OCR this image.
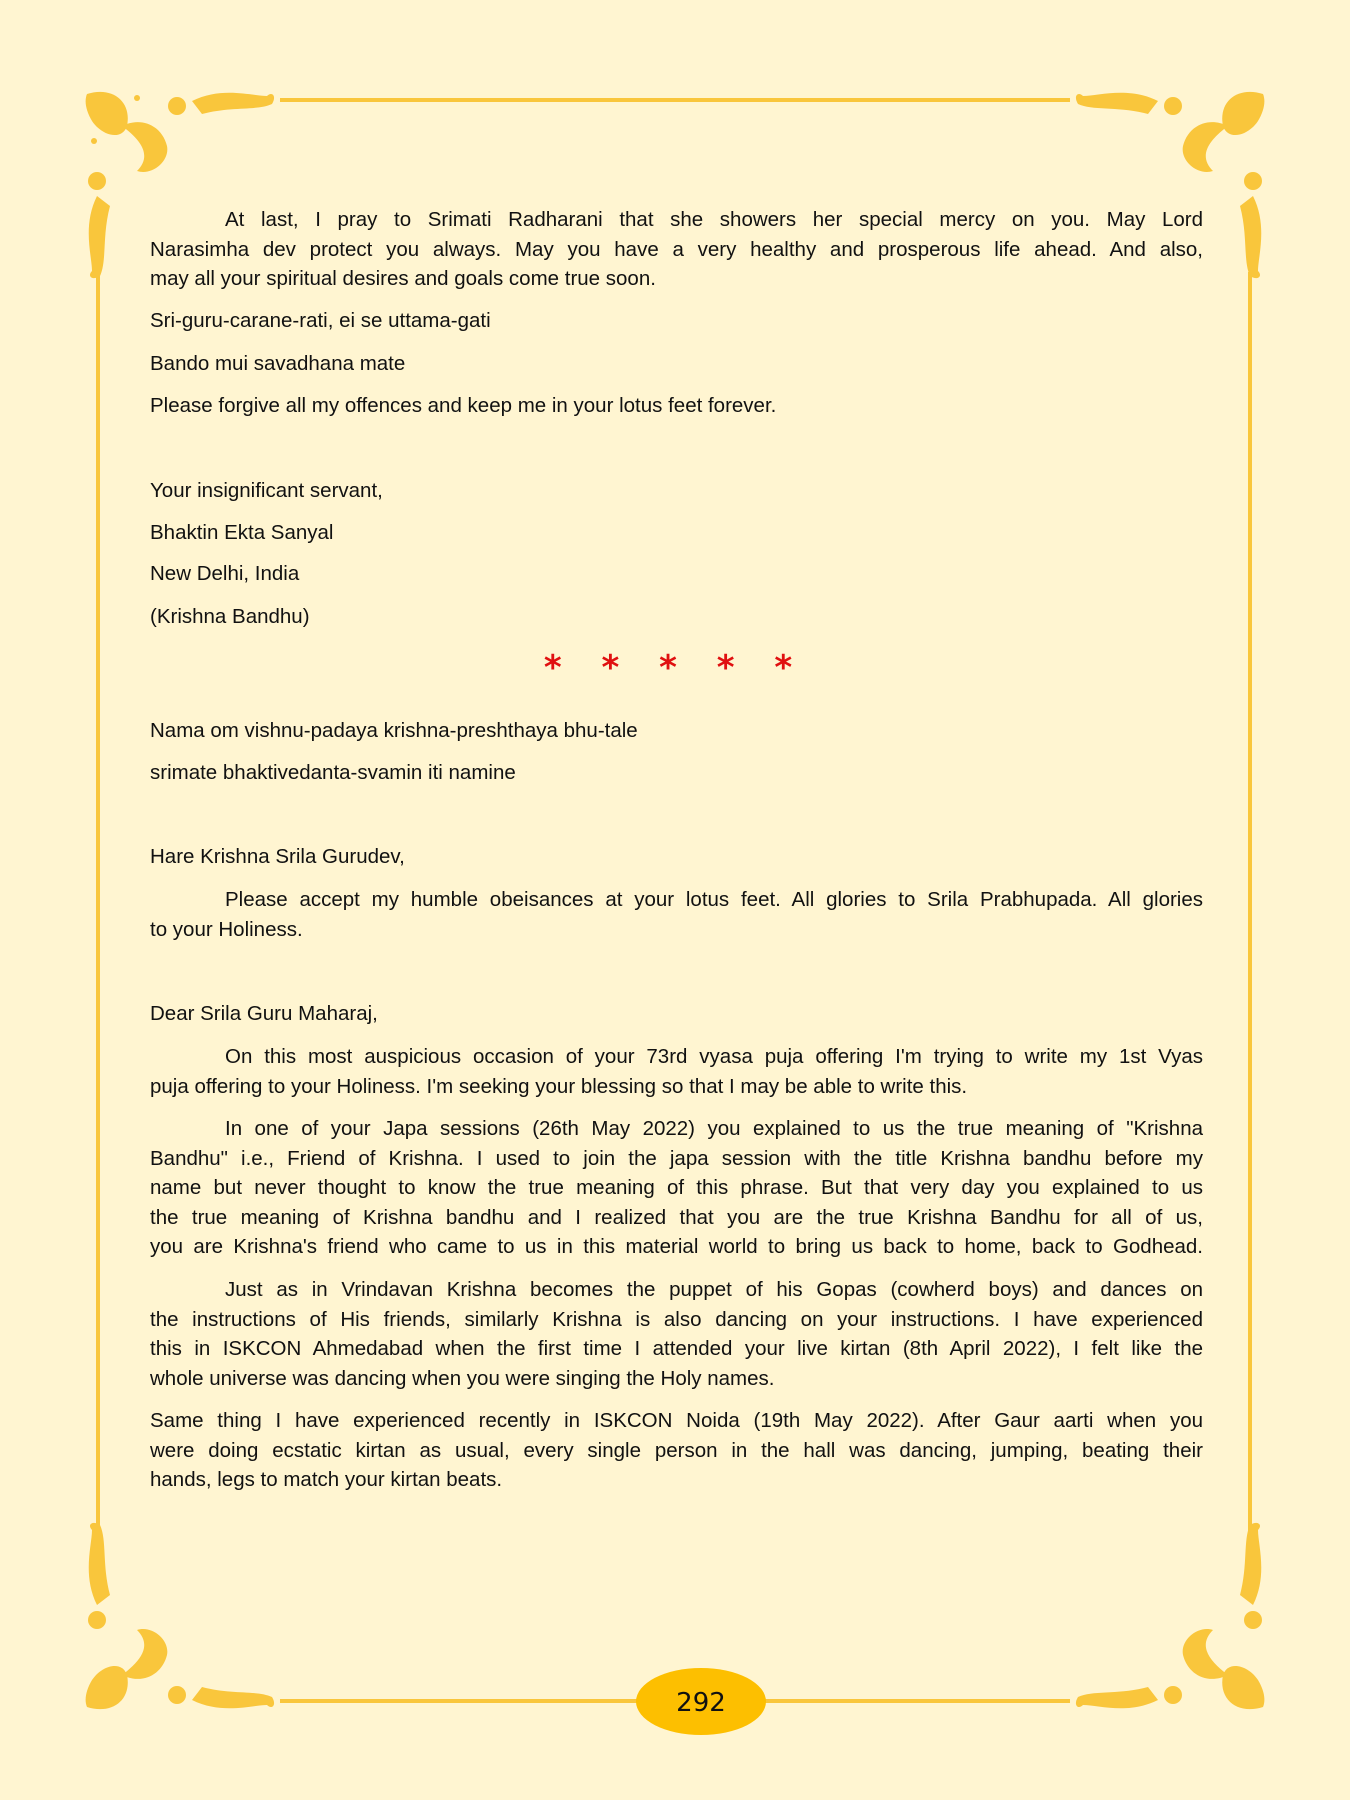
At last, I pray to Srimati Radharani that she showers her special mercy on you. May Lord
Narasimha dev protect you always. May you have a very healthy and prosperous life ahead. And also,
may all your spiritual desires and goals come true soon.
Sri-guru-carane-rati, ei se uttama-gati
Bando mui savadhana mate
Please forgive all my offences and keep me in your lotus feet forever.
Your insignificant servant,
Bhaktin Ekta Sanyal
New Delhi, India
(Krishna Bandhu)
Nama om vishnu-padaya krishna-preshthaya bhu-tale
srimate bhaktivedanta-svamin iti namine
Hare Krishna Srila Gurudev,
Please accept my humble obeisances at your lotus feet. All glories to Srila Prabhupada. All glories
to your Holiness.
Dear Srila Guru Maharaj,
On this most auspicious occasion of your 73rd vyasa puja offering I'm trying to write my 1st Vyas
puja offering to your Holiness. I'm seeking your blessing so that I may be able to write this.
In one of your Japa sessions (26th May 2022) you explained to us the true meaning of "Krishna
Bandhu" i.e., Friend of Krishna. I used to join the japa session with the title Krishna bandhu before my
name but never thought to know the true meaning of this phrase. But that very day you explained to us
the true meaning of Krishna bandhu and I realized that you are the true Krishna Bandhu for all of us,
you are Krishna's friend who came to us in this material world to bring us back to home, back to Godhead.
Just as in Vrindavan Krishna becomes the puppet of his Gopas (cowherd boys) and dances on
the instructions of His friends, similarly Krishna is also dancing on your instructions. I have experienced
this in ISKCON Ahmedabad when the first time I attended your live kirtan (8th April 2022), I felt like the
whole universe was dancing when you were singing the Holy names.
Same thing I have experienced recently in ISKCON Noida (19th May 2022). After Gaur aarti when you
were doing ecstatic kirtan as usual, every single person in the hall was dancing, jumping, beating their
hands, legs to match your kirtan beats.
* * * * *
292
